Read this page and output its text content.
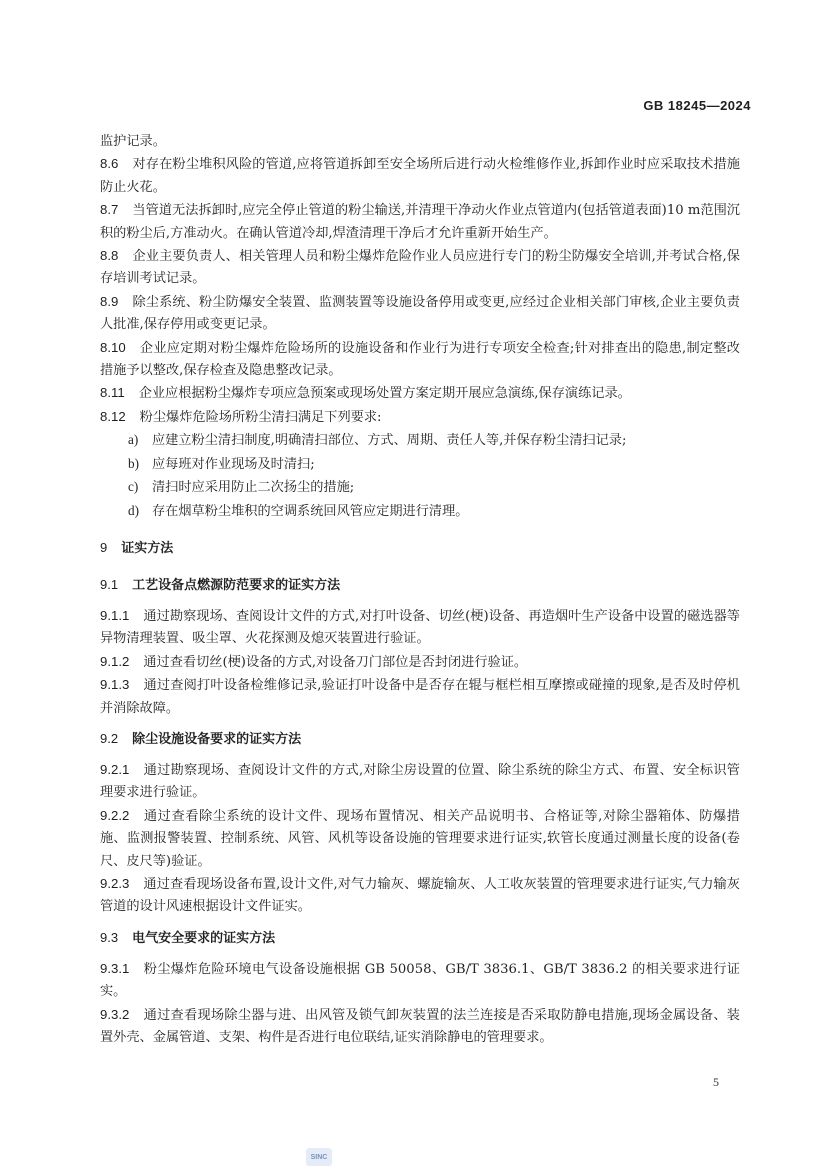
GB 18245—2024

监护记录。

8.6 对存在粉尘堆积风险的管道,应将管道拆卸至安全场所后进行动火检维修作业,拆卸作业时应采取技术措施防止火花。

8.7 当管道无法拆卸时,应完全停止管道的粉尘输送,并清理干净动火作业点管道内(包括管道表面)10 m范围沉积的粉尘后,方准动火。在确认管道冷却,焊渣清理干净后才允许重新开始生产。

8.8 企业主要负责人、相关管理人员和粉尘爆炸危险作业人员应进行专门的粉尘防爆安全培训,并考试合格,保存培训考试记录。

8.9 除尘系统、粉尘防爆安全装置、监测装置等设施设备停用或变更,应经过企业相关部门审核,企业主要负责人批准,保存停用或变更记录。

8.10 企业应定期对粉尘爆炸危险场所的设施设备和作业行为进行专项安全检查;针对排查出的隐患,制定整改措施予以整改,保存检查及隐患整改记录。

8.11 企业应根据粉尘爆炸专项应急预案或现场处置方案定期开展应急演练,保存演练记录。

8.12 粉尘爆炸危险场所粉尘清扫满足下列要求:

a) 应建立粉尘清扫制度,明确清扫部位、方式、周期、责任人等,并保存粉尘清扫记录;

b) 应每班对作业现场及时清扫;

c) 清扫时应采用防止二次扬尘的措施;

d) 存在烟草粉尘堆积的空调系统回风管应定期进行清理。

9 证实方法

9.1 工艺设备点燃源防范要求的证实方法

9.1.1 通过勘察现场、查阅设计文件的方式,对打叶设备、切丝(梗)设备、再造烟叶生产设备中设置的磁选器等异物清理装置、吸尘罩、火花探测及熄灭装置进行验证。

9.1.2 通过查看切丝(梗)设备的方式,对设备刀门部位是否封闭进行验证。

9.1.3 通过查阅打叶设备检维修记录,验证打叶设备中是否存在辊与框栏相互摩擦或碰撞的现象,是否及时停机并消除故障。

9.2 除尘设施设备要求的证实方法

9.2.1 通过勘察现场、查阅设计文件的方式,对除尘房设置的位置、除尘系统的除尘方式、布置、安全标识管理要求进行验证。

9.2.2 通过查看除尘系统的设计文件、现场布置情况、相关产品说明书、合格证等,对除尘器箱体、防爆措施、监测报警装置、控制系统、风管、风机等设备设施的管理要求进行证实,软管长度通过测量长度的设备(卷尺、皮尺等)验证。

9.2.3 通过查看现场设备布置,设计文件,对气力输灰、螺旋输灰、人工收灰装置的管理要求进行证实,气力输灰管道的设计风速根据设计文件证实。

9.3 电气安全要求的证实方法

9.3.1 粉尘爆炸危险环境电气设备设施根据 GB 50058、GB/T 3836.1、GB/T 3836.2 的相关要求进行证实。

9.3.2 通过查看现场除尘器与进、出风管及锁气卸灰装置的法兰连接是否采取防静电措施,现场金属设备、装置外壳、金属管道、支架、构件是否进行电位联结,证实消除静电的管理要求。

5
SINC
